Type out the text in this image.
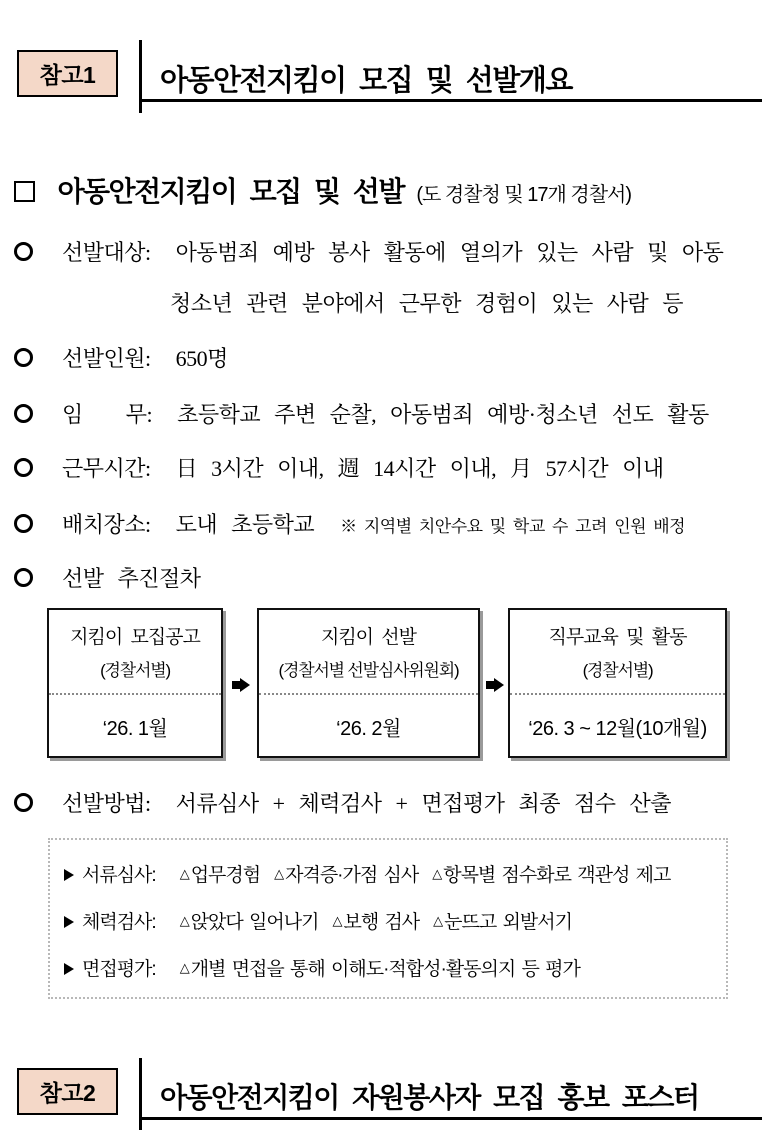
참고1	아동안전지킴이 모집 및 선발개요
아동안전지킴이 모집 및 선발 (도 경찰청 및 17개 경찰서)
선발대상: 아동범죄 예방 봉사 활동에 열의가 있는 사람 및 아동
청소년 관련 분야에서 근무한 경험이 있는 사람 등
선발인원: 650명
임　　무: 초등학교 주변 순찰, 아동범죄 예방·청소년 선도 활동
근무시간: 日 3시간 이내, 週 14시간 이내, 月 57시간 이내
배치장소: 도내 초등학교 ※ 지역별 치안수요 및 학교 수 고려 인원 배정
선발 추진절차
지킴이 모집공고
(경찰서별)
‘26. 1월
지킴이 선발
(경찰서별 선발심사위원회)
‘26. 2월
직무교육 및 활동
(경찰서별)
‘26. 3 ~ 12월(10개월)
선발방법: 서류심사 + 체력검사 + 면접평가 최종 점수 산출
서류심사: △ 업무경험 △ 자격증·가점 심사 △ 항목별 점수화로 객관성 제고
체력검사: △ 앉았다 일어나기 △ 보행 검사 △ 눈뜨고 외발서기
면접평가: △ 개별 면접을 통해 이해도·적합성·활동의지 등 평가
참고2	아동안전지킴이 자원봉사자 모집 홍보 포스터
